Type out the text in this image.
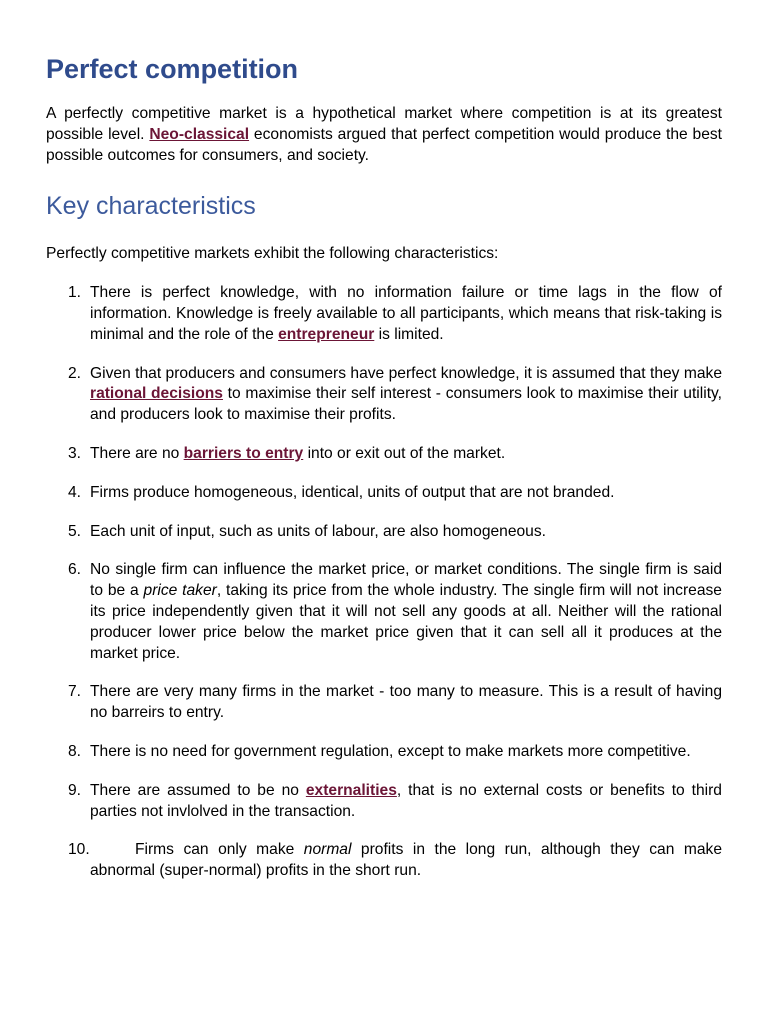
Perfect competition

A perfectly competitive market is a hypothetical market where competition is at its greatest possible level. Neo-classical economists argued that perfect competition would produce the best possible outcomes for consumers, and society.

Key characteristics

Perfectly competitive markets exhibit the following characteristics:

1. There is perfect knowledge, with no information failure or time lags in the flow of information. Knowledge is freely available to all participants, which means that risk-taking is minimal and the role of the entrepreneur is limited.
2. Given that producers and consumers have perfect knowledge, it is assumed that they make rational decisions to maximise their self interest - consumers look to maximise their utility, and producers look to maximise their profits.
3. There are no barriers to entry into or exit out of the market.
4. Firms produce homogeneous, identical, units of output that are not branded.
5. Each unit of input, such as units of labour, are also homogeneous.
6. No single firm can influence the market price, or market conditions. The single firm is said to be a price taker, taking its price from the whole industry. The single firm will not increase its price independently given that it will not sell any goods at all. Neither will the rational producer lower price below the market price given that it can sell all it produces at the market price.
7. There are very many firms in the market - too many to measure. This is a result of having no barreirs to entry.
8. There is no need for government regulation, except to make markets more competitive.
9. There are assumed to be no externalities, that is no external costs or benefits to third parties not invlolved in the transaction.
10.	Firms can only make normal profits in the long run, although they can make abnormal (super-normal) profits in the short run.
